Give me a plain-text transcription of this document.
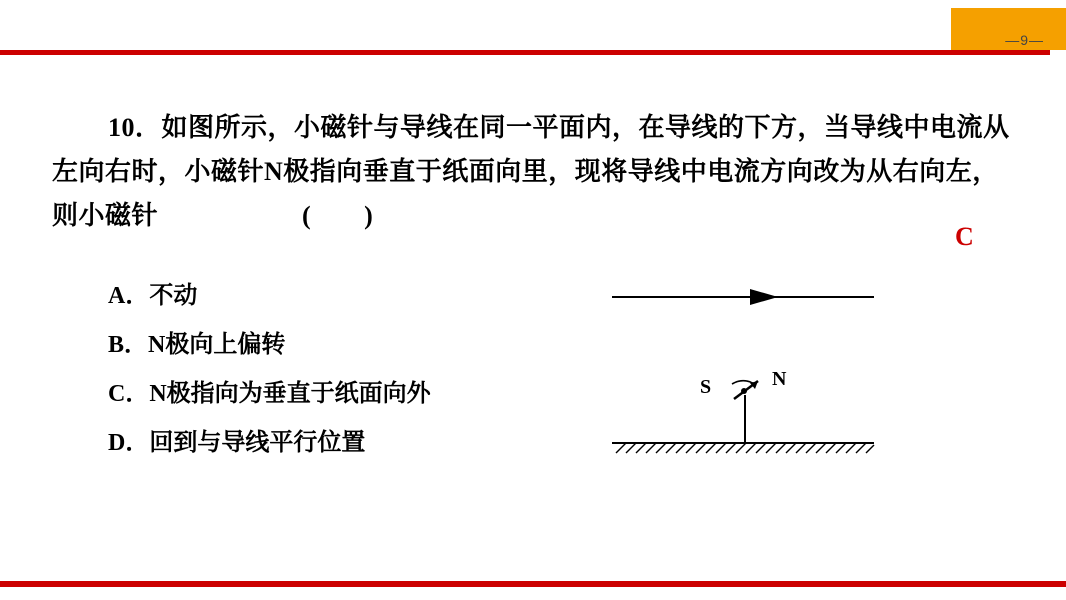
—9—
10．如图所示，小磁针与导线在同一平面内，在导线的下方，当导线中电流从左向右时，小磁针N极指向垂直于纸面向里，现将导线中电流方向改为从右向左，则小磁针	(　　)
C
A．不动
B．N极向上偏转
C．N极指向为垂直于纸面向外
D．回到与导线平行位置
S	N
